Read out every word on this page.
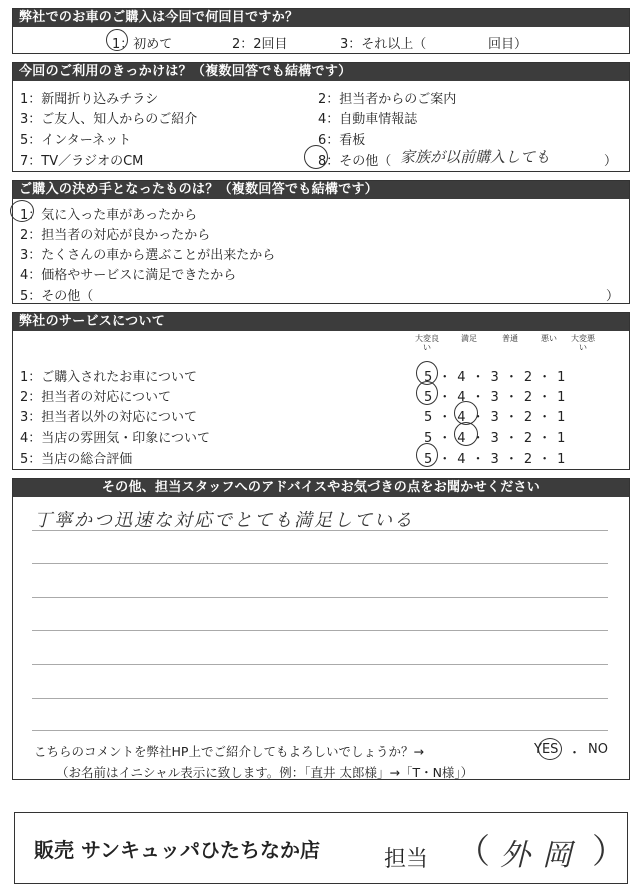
弊社でのお車のご購入は今回で何回目ですか？
1：初めて	2：2回目	3：それ以上（	回目）
今回のご利用のきっかけは？（複数回答でも結構です）
1：新聞折り込みチラシ
3：ご友人、知人からのご紹介
5：インターネット
7：TV／ラジオのCM
2：担当者からのご案内
4：自動車情報誌
6：看板
8：その他（ 家族が以前購入しても	）
ご購入の決め手となったものは？（複数回答でも結構です）
1：気に入った車があったから
2：担当者の対応が良かったから
3：たくさんの車から選ぶことが出来たから
4：価格やサービスに満足できたから
5：その他（	）
弊社のサービスについて
大変良い
満足	普通	悪い	大変悪い
1：ご購入されたお車について	5・4・3・2・1
2：担当者の対応について	5・4・3・2・1
3：担当者以外の対応について	5・4・3・2・1
4：当店の雰囲気・印象について	5・4・3・2・1
5：当店の総合評価	5・4・3・2・1
その他、担当スタッフへのアドバイスやお気づきの点をお聞かせください
丁寧かつ迅速な対応でとても満足している
こちらのコメントを弊社HP上でご紹介してもよろしいでしょうか？→	YES ・ NO
（お名前はイニシャル表示に致します。例：「直井 太郎様」→「T・N様」）
販売 サンキュッパひたちなか店	担当 （ 外岡 ）
